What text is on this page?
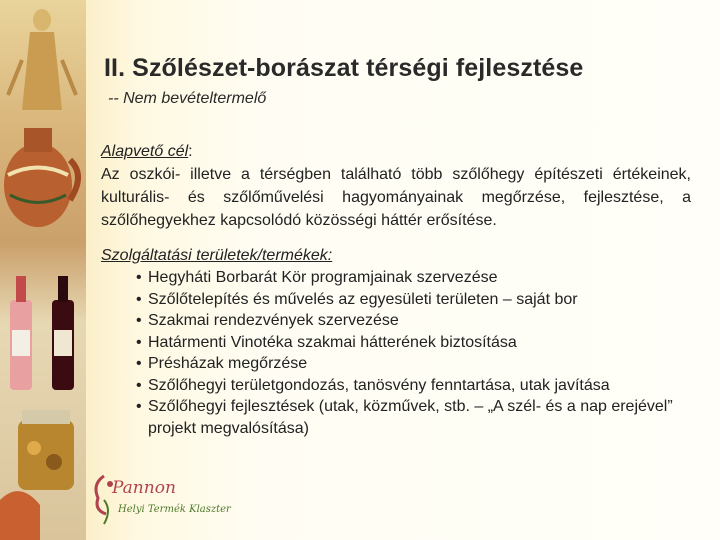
II. Szőlészet-borászat térségi fejlesztése

-- Nem bevételtermelő

Alapvető cél:
Az oszkói- illetve a térségben található több szőlőhegy építészeti értékeinek, kulturális- és szőlőművelési hagyományainak megőrzése, fejlesztése, a szőlőhegyekhez kapcsolódó közösségi háttér erősítése.
Szolgáltatási területek/termékek:
• Hegyháti Borbarát Kör programjainak szervezése
• Szőlőtelepítés és művelés az egyesületi területen – saját bor
• Szakmai rendezvények szervezése
• Határmenti Vinotéka szakmai hátterének biztosítása
• Présházak megőrzése
• Szőlőhegyi területgondozás, tanösvény fenntartása, utak javítása
• Szőlőhegyi fejlesztések (utak, közművek, stb. – „A szél- és a nap erejével” projekt megvalósítása)
Pannon
Helyi Termék Klaszter
